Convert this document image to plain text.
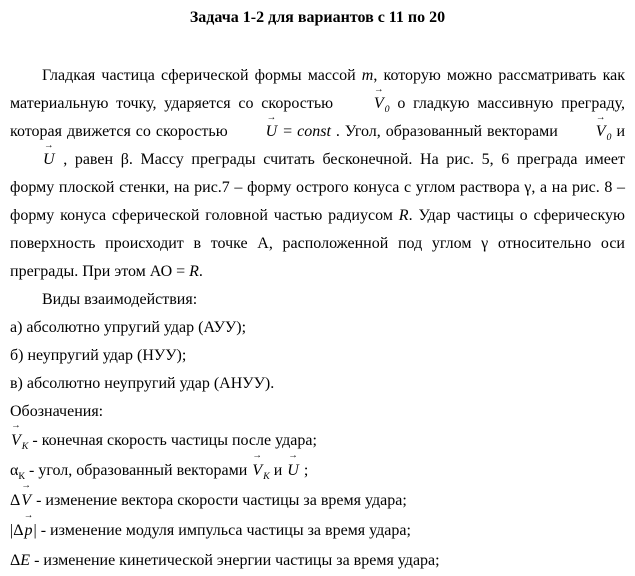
Задача 1-2 для вариантов с 11 по 20

Гладкая частица сферической формы массой m, которую можно рассматривать как материальную точку, ударяется со скоростью
→
$V_0$ о гладкую массивную преграду, которая движется со скоростью
→
U = const . Угол, образованный векторами
→
$V_0$ и
→
U , равен β. Массу преграды считать бесконечной. На рис. 5, 6 преграда имеет форму плоской стенки, на рис.7 – форму острого конуса с углом раствора γ, а на рис. 8 – форму конуса сферической головной частью радиусом R. Удар частицы о сферическую поверхность происходит в точке А, расположенной под углом γ относительно оси преграды. При этом АО = R.

Виды взаимодействия:

а) абсолютно упругий удар (АУУ);

б) неупругий удар (НУУ);

в) абсолютно неупругий удар (АНУУ).

Обозначения:

→
$V_К$ - конечная скорость частицы после удара;

$\alpha_К$ - угол, образованный векторами
→
$V_К$ и
→
U ;

Δ
→
V - изменение вектора скорости частицы за время удара;

|Δ
→
p| - изменение модуля импульса частицы за время удара;

ΔE - изменение кинетической энергии частицы за время удара;
